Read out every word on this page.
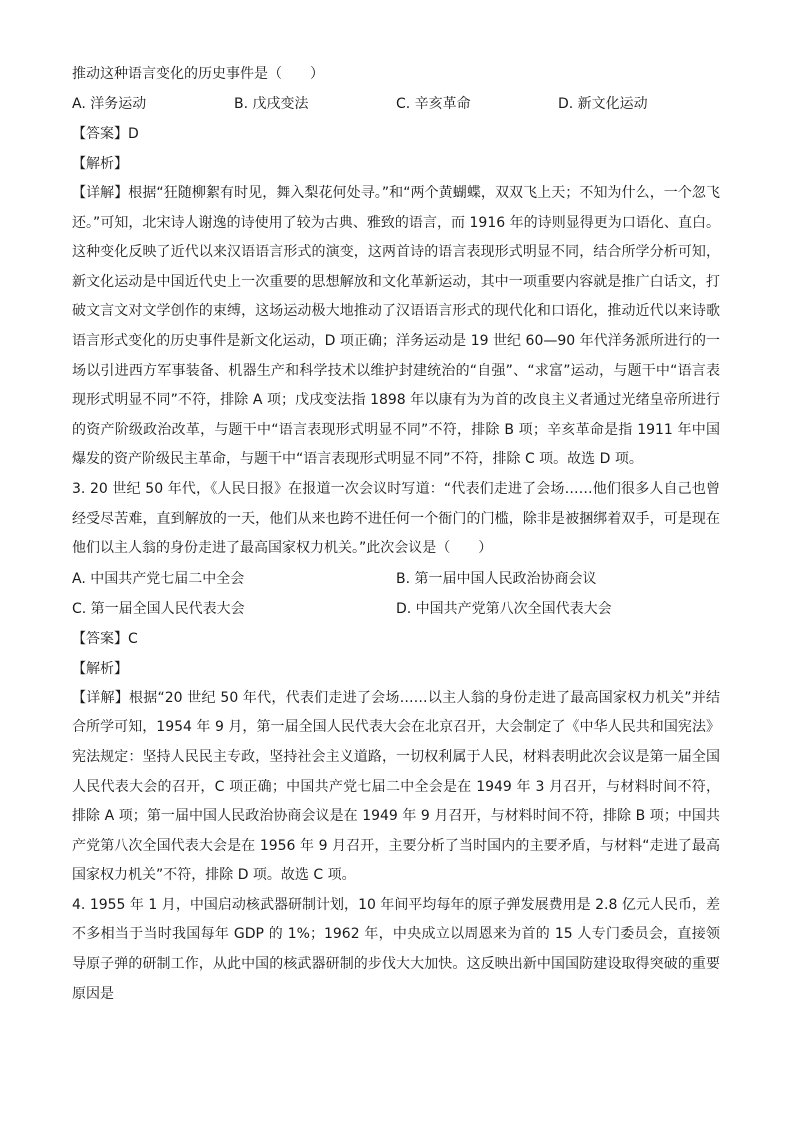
推动这种语言变化的历史事件是（　　）
A. 洋务运动	B. 戊戌变法	C. 辛亥革命	D. 新文化运动
【答案】D
【解析】
【详解】根据“狂随柳絮有时见，舞入梨花何处寻。”和“两个黄蝴蝶，双双飞上天；不知为什么，一个忽飞还。”可知，北宋诗人谢逸的诗使用了较为古典、雅致的语言，而 1916 年的诗则显得更为口语化、直白。这种变化反映了近代以来汉语语言形式的演变，这两首诗的语言表现形式明显不同，结合所学分析可知，新文化运动是中国近代史上一次重要的思想解放和文化革新运动，其中一项重要内容就是推广白话文，打破文言文对文学创作的束缚，这场运动极大地推动了汉语语言形式的现代化和口语化，推动近代以来诗歌语言形式变化的历史事件是新文化运动，D 项正确；洋务运动是 19 世纪 60—90 年代洋务派所进行的一场以引进西方军事装备、机器生产和科学技术以维护封建统治的“自强”、“求富”运动，与题干中“语言表现形式明显不同”不符，排除 A 项；戊戌变法指 1898 年以康有为为首的改良主义者通过光绪皇帝所进行的资产阶级政治改革，与题干中“语言表现形式明显不同”不符，排除 B 项；辛亥革命是指 1911 年中国爆发的资产阶级民主革命，与题干中“语言表现形式明显不同”不符，排除 C 项。故选 D 项。
3. 20 世纪 50 年代，《人民日报》在报道一次会议时写道：“代表们走进了会场……他们很多人自己也曾经受尽苦难，直到解放的一天，他们从来也跨不进任何一个衙门的门槛，除非是被捆绑着双手，可是现在他们以主人翁的身份走进了最高国家权力机关。”此次会议是（　　）
A. 中国共产党七届二中全会	B. 第一届中国人民政治协商会议
C. 第一届全国人民代表大会	D. 中国共产党第八次全国代表大会
【答案】C
【解析】
【详解】根据“20 世纪 50 年代，代表们走进了会场……以主人翁的身份走进了最高国家权力机关”并结合所学可知，1954 年 9 月，第一届全国人民代表大会在北京召开，大会制定了《中华人民共和国宪法》宪法规定：坚持人民民主专政，坚持社会主义道路，一切权利属于人民，材料表明此次会议是第一届全国人民代表大会的召开，C 项正确；中国共产党七届二中全会是在 1949 年 3 月召开，与材料时间不符，排除 A 项；第一届中国人民政治协商会议是在 1949 年 9 月召开，与材料时间不符，排除 B 项；中国共产党第八次全国代表大会是在 1956 年 9 月召开，主要分析了当时国内的主要矛盾，与材料“走进了最高国家权力机关”不符，排除 D 项。故选 C 项。
4. 1955 年 1 月，中国启动核武器研制计划，10 年间平均每年的原子弹发展费用是 2.8 亿元人民币，差不多相当于当时我国每年 GDP 的 1%；1962 年，中央成立以周恩来为首的 15 人专门委员会，直接领导原子弹的研制工作，从此中国的核武器研制的步伐大大加快。这反映出新中国国防建设取得突破的重要原因是
